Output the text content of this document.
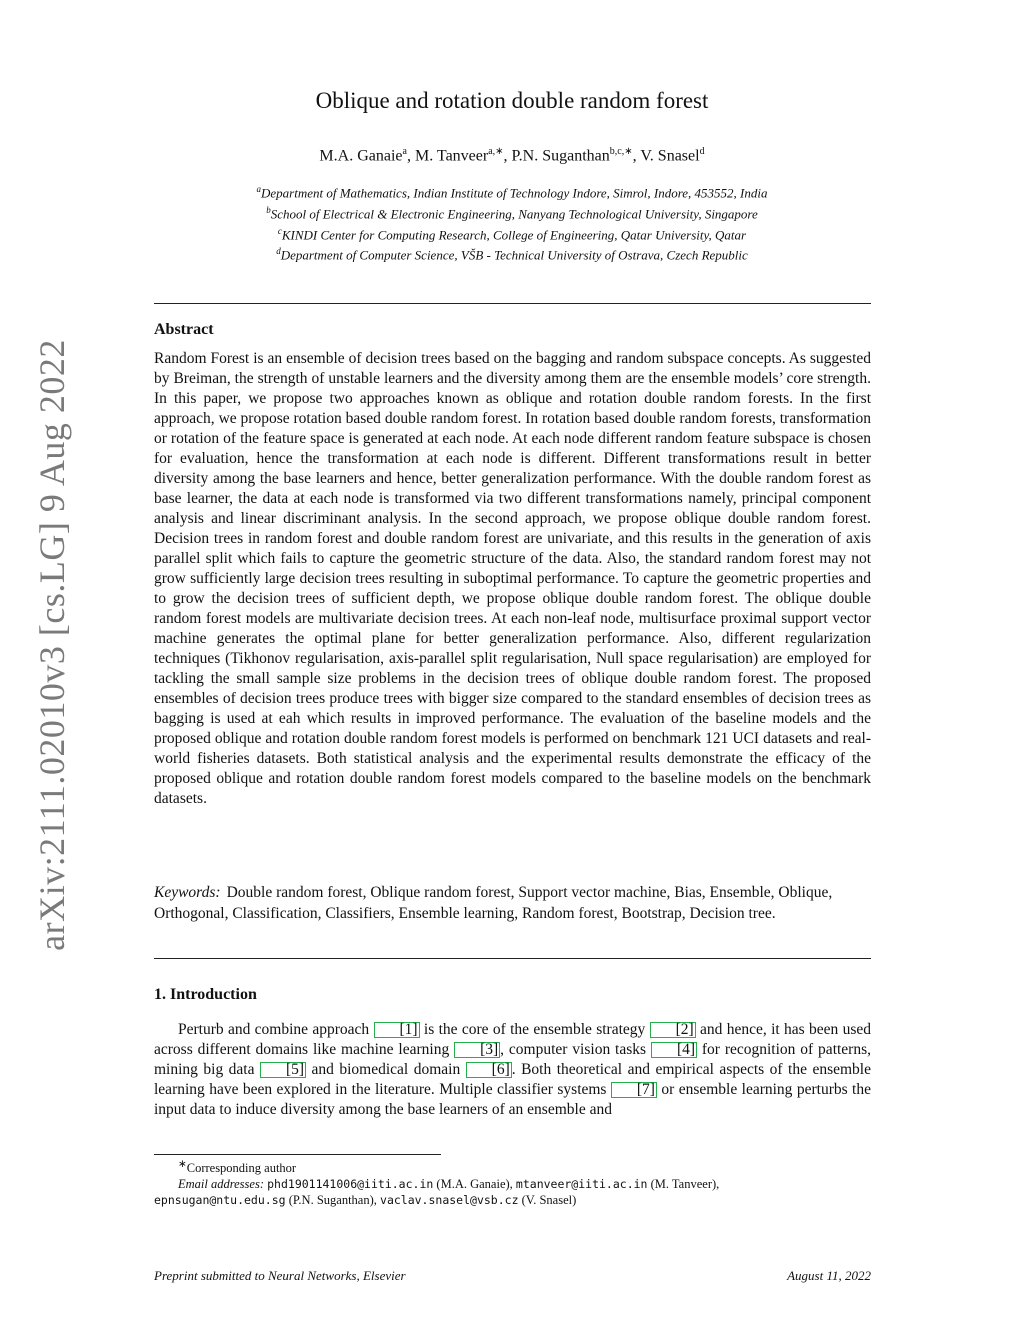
arXiv:2111.02010v3 [cs.LG] 9 Aug 2022
Oblique and rotation double random forest
M.A. Ganaie$^a$, M. Tanveer$^{a,∗}$, P.N. Suganthan$^{b,c,∗}$, V. Snasel$^d$
$^a$Department of Mathematics, Indian Institute of Technology Indore, Simrol, Indore, 453552, India
$^b$School of Electrical & Electronic Engineering, Nanyang Technological University, Singapore
$^c$KINDI Center for Computing Research, College of Engineering, Qatar University, Qatar
$^d$Department of Computer Science, VŠB - Technical University of Ostrava, Czech Republic
Abstract
Random Forest is an ensemble of decision trees based on the bagging and random subspace concepts. As suggested by Breiman, the strength of unstable learners and the diversity among them are the ensemble models’ core strength. In this paper, we propose two approaches known as oblique and rotation double random forests. In the first approach, we propose rotation based double random forest. In rotation based double random forests, transformation or rotation of the feature space is generated at each node. At each node different random feature subspace is chosen for evaluation, hence the transformation at each node is different. Different transformations result in better diversity among the base learners and hence, better generalization performance. With the double random forest as base learner, the data at each node is transformed via two different transformations namely, principal component analysis and linear discriminant analysis. In the second approach, we propose oblique double random forest. Decision trees in random forest and double random forest are univariate, and this results in the generation of axis parallel split which fails to capture the geometric structure of the data. Also, the standard random forest may not grow sufficiently large decision trees resulting in suboptimal performance. To capture the geometric properties and to grow the decision trees of sufficient depth, we propose oblique double random forest. The oblique double random forest models are multivariate decision trees. At each non-leaf node, multisurface proximal support vector machine generates the optimal plane for better generalization performance. Also, different regularization techniques (Tikhonov regularisation, axis-parallel split regularisation, Null space regularisation) are employed for tackling the small sample size problems in the decision trees of oblique double random forest. The proposed ensembles of decision trees produce trees with bigger size compared to the standard ensembles of decision trees as bagging is used at eah which results in improved performance. The evaluation of the baseline models and the proposed oblique and rotation double random forest models is performed on benchmark 121 UCI datasets and real-world fisheries datasets. Both statistical analysis and the experimental results demonstrate the efficacy of the proposed oblique and rotation double random forest models compared to the baseline models on the benchmark datasets.
Keywords: Double random forest, Oblique random forest, Support vector machine, Bias, Ensemble, Oblique, Orthogonal, Classification, Classifiers, Ensemble learning, Random forest, Bootstrap, Decision tree.
1. Introduction
Perturb and combine approach [1] is the core of the ensemble strategy [2] and hence, it has been used across different domains like machine learning [3] , computer vision tasks [4] for recognition of patterns, mining big data [5] and biomedical domain [6] . Both theoretical and empirical aspects of the ensemble learning have been explored in the literature. Multiple classifier systems [7] or ensemble learning perturbs the input data to induce diversity among the base learners of an ensemble and
∗Corresponding author
Email addresses: phd1901141006@iiti.ac.in (M.A. Ganaie), mtanveer@iiti.ac.in (M. Tanveer),
epnsugan@ntu.edu.sg (P.N. Suganthan), vaclav.snasel@vsb.cz (V. Snasel)
Preprint submitted to Neural Networks, Elsevier	August 11, 2022
